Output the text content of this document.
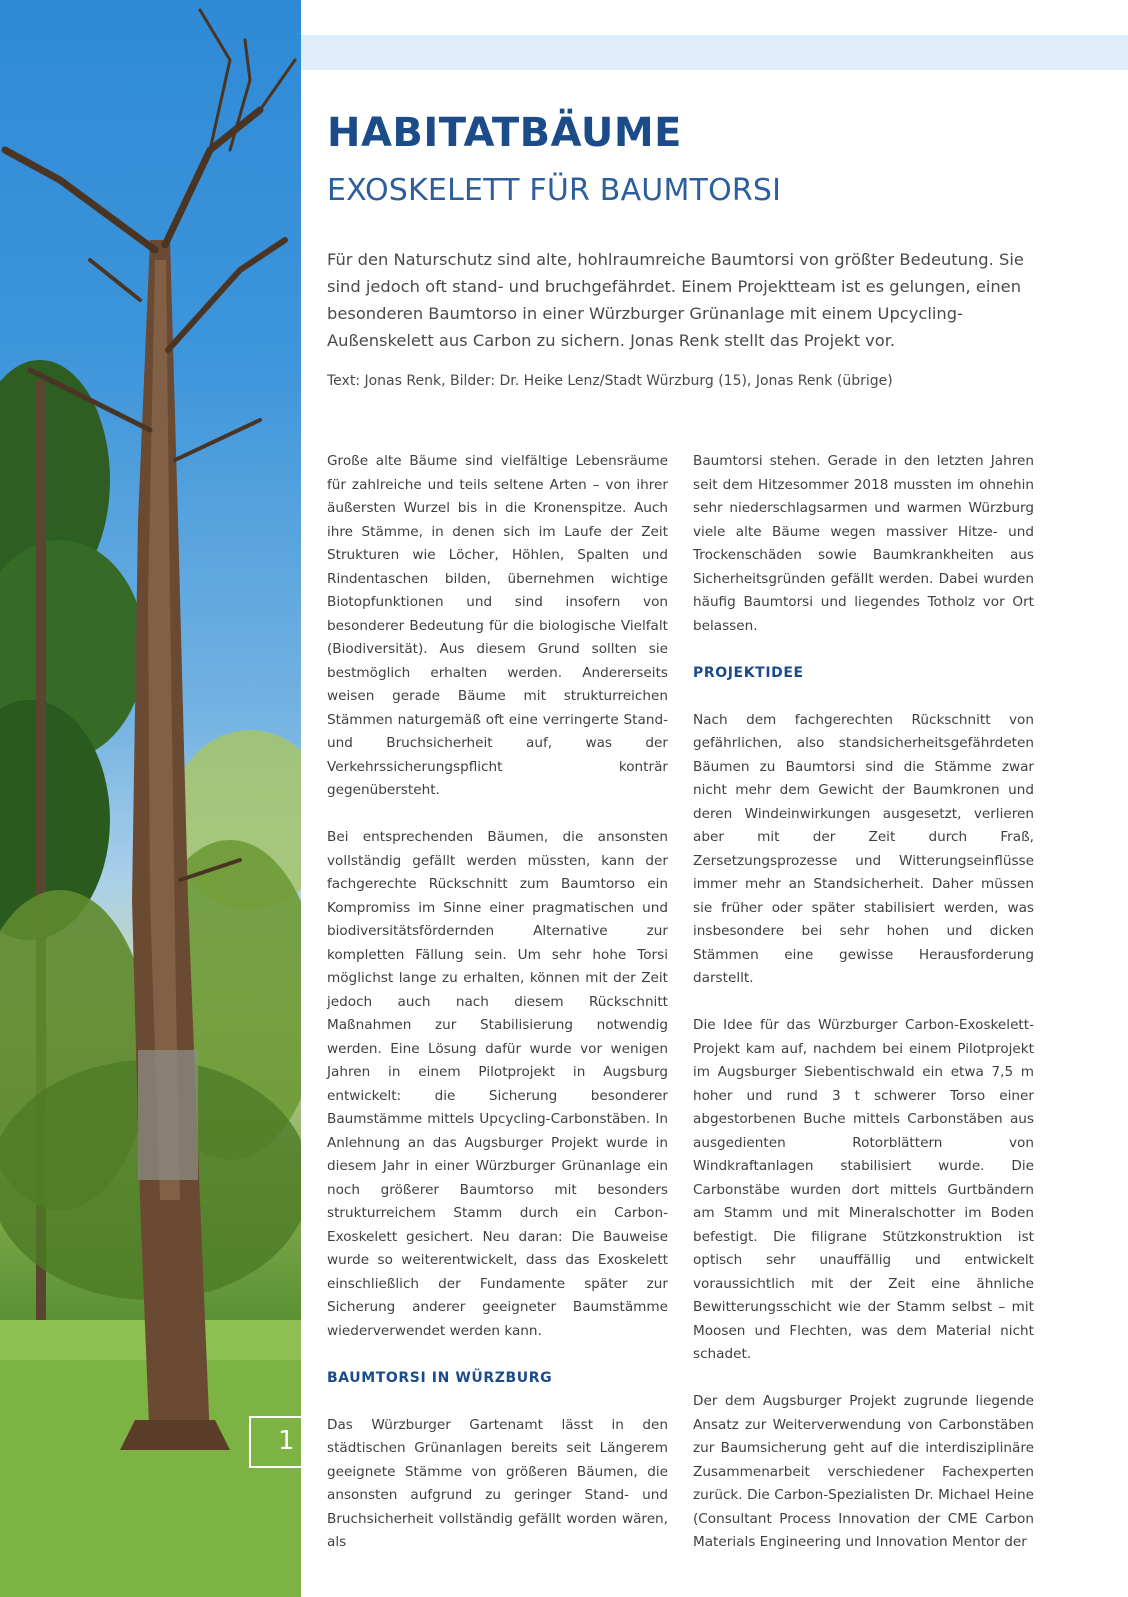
1
HABITATBÄUME
EXOSKELETT FÜR BAUMTORSI

Für den Naturschutz sind alte, hohlraumreiche Baumtorsi von größter Bedeutung. Sie sind jedoch oft stand- und bruchgefährdet. Einem Projektteam ist es gelungen, einen besonderen Baumtorso in einer Würzburger Grünanlage mit einem Upcycling-Außenskelett aus Carbon zu sichern. Jonas Renk stellt das Projekt vor.

Text: Jonas Renk, Bilder: Dr. Heike Lenz/Stadt Würzburg (15), Jonas Renk (übrige)

Große alte Bäume sind vielfältige Lebensräume für zahlreiche und teils seltene Arten – von ihrer äußersten Wurzel bis in die Kronenspitze. Auch ihre Stämme, in denen sich im Laufe der Zeit Strukturen wie Löcher, Höhlen, Spalten und Rindentaschen bilden, übernehmen wichtige Biotopfunktionen und sind insofern von besonderer Bedeutung für die biologische Vielfalt (Biodiversität). Aus diesem Grund sollten sie bestmöglich erhalten werden. Andererseits weisen gerade Bäume mit strukturreichen Stämmen naturgemäß oft eine verringerte Stand- und Bruchsicherheit auf, was der Verkehrssicherungspflicht konträr gegenübersteht.

Bei entsprechenden Bäumen, die ansonsten vollständig gefällt werden müssten, kann der fachgerechte Rückschnitt zum Baumtorso ein Kompromiss im Sinne einer pragmatischen und biodiversitätsfördernden Alternative zur kompletten Fällung sein. Um sehr hohe Torsi möglichst lange zu erhalten, können mit der Zeit jedoch auch nach diesem Rückschnitt Maßnahmen zur Stabilisierung notwendig werden. Eine Lösung dafür wurde vor wenigen Jahren in einem Pilotprojekt in Augsburg entwickelt: die Sicherung besonderer Baumstämme mittels Upcycling-Carbonstäben. In Anlehnung an das Augsburger Projekt wurde in diesem Jahr in einer Würzburger Grünanlage ein noch größerer Baumtorso mit besonders strukturreichem Stamm durch ein Carbon-Exoskelett gesichert. Neu daran: Die Bauweise wurde so weiterentwickelt, dass das Exoskelett einschließlich der Fundamente später zur Sicherung anderer geeigneter Baumstämme wiederverwendet werden kann.

BAUMTORSI IN WÜRZBURG

Das Würzburger Gartenamt lässt in den städtischen Grünanlagen bereits seit Längerem geeignete Stämme von größeren Bäumen, die ansonsten aufgrund zu geringer Stand- und Bruchsicherheit vollständig gefällt worden wären, als

Baumtorsi stehen. Gerade in den letzten Jahren seit dem Hitzesommer 2018 mussten im ohnehin sehr niederschlagsarmen und warmen Würzburg viele alte Bäume wegen massiver Hitze- und Trockenschäden sowie Baumkrankheiten aus Sicherheitsgründen gefällt werden. Dabei wurden häufig Baumtorsi und liegendes Totholz vor Ort belassen.

PROJEKTIDEE

Nach dem fachgerechten Rückschnitt von gefährlichen, also standsicherheitsgefährdeten Bäumen zu Baumtorsi sind die Stämme zwar nicht mehr dem Gewicht der Baumkronen und deren Windeinwirkungen ausgesetzt, verlieren aber mit der Zeit durch Fraß, Zersetzungsprozesse und Witterungseinflüsse immer mehr an Standsicherheit. Daher müssen sie früher oder später stabilisiert werden, was insbesondere bei sehr hohen und dicken Stämmen eine gewisse Herausforderung darstellt.

Die Idee für das Würzburger Carbon-Exoskelett-Projekt kam auf, nachdem bei einem Pilotprojekt im Augsburger Siebentischwald ein etwa 7,5 m hoher und rund 3 t schwerer Torso einer abgestorbenen Buche mittels Carbonstäben aus ausgedienten Rotorblättern von Windkraftanlagen stabilisiert wurde. Die Carbonstäbe wurden dort mittels Gurtbändern am Stamm und mit Mineralschotter im Boden befestigt. Die filigrane Stützkonstruktion ist optisch sehr unauffällig und entwickelt voraussichtlich mit der Zeit eine ähnliche Bewitterungsschicht wie der Stamm selbst – mit Moosen und Flechten, was dem Material nicht schadet.

Der dem Augsburger Projekt zugrunde liegende Ansatz zur Weiterverwendung von Carbonstäben zur Baumsicherung geht auf die interdisziplinäre Zusammenarbeit verschiedener Fachexperten zurück. Die Carbon-Spezialisten Dr. Michael Heine (Consultant Process Innovation der CME Carbon Materials Engineering und Innovation Mentor der
